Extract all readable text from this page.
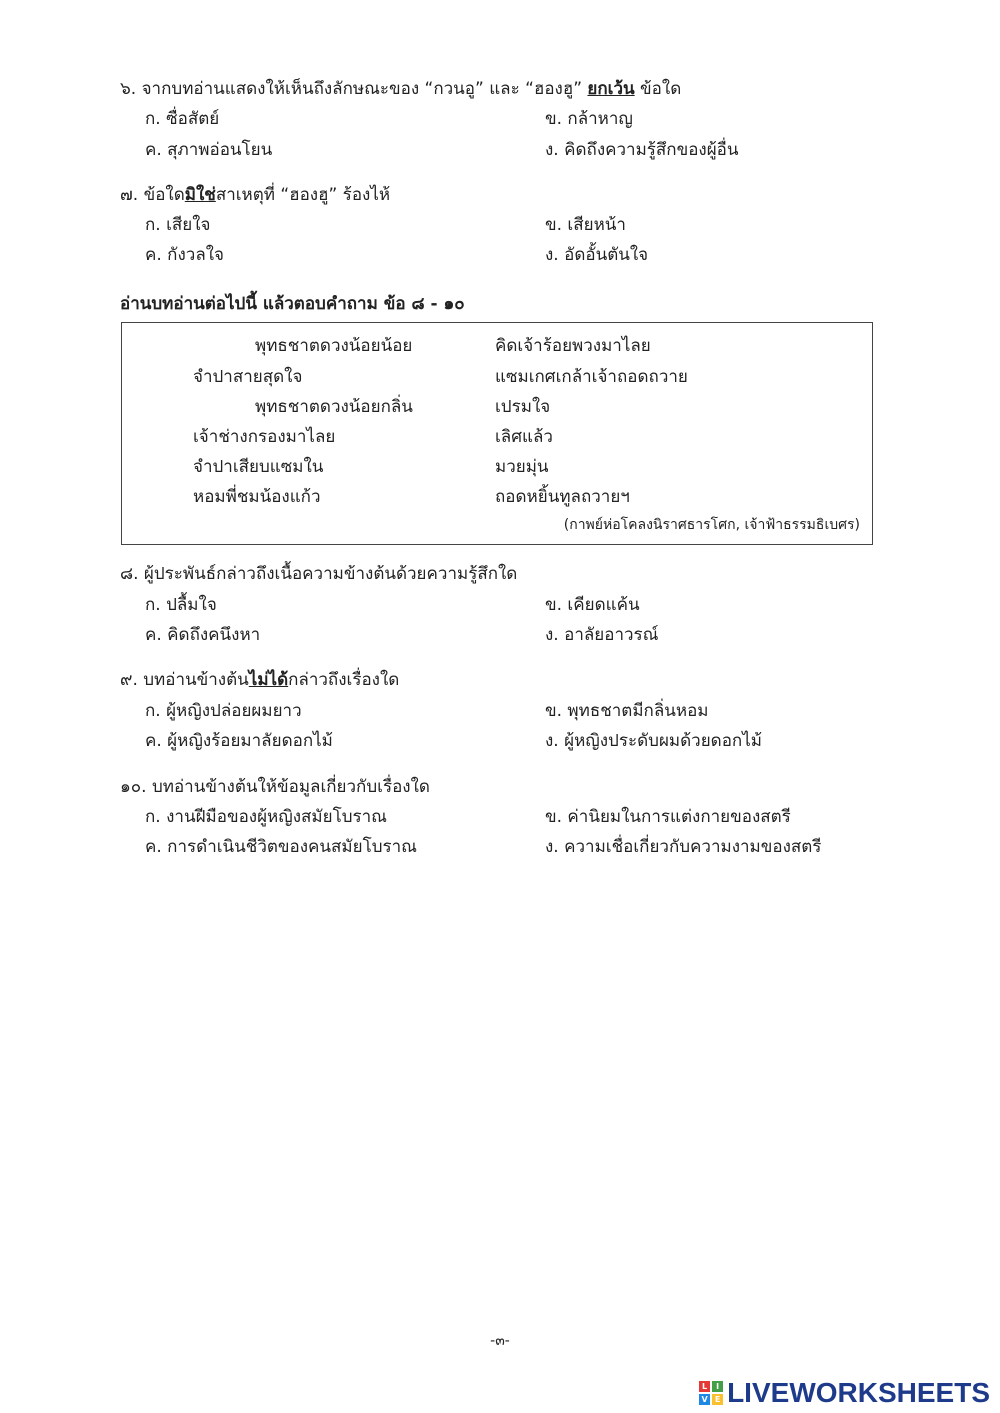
๖. จากบทอ่านแสดงให้เห็นถึงลักษณะของ “กวนอู” และ “ฮองฮู” ยกเว้น ข้อใด
ก. ซื่อสัตย์	ข. กล้าหาญ
ค. สุภาพอ่อนโยน	ง. คิดถึงความรู้สึกของผู้อื่น
๗. ข้อใดมิใช่สาเหตุที่ “ฮองฮู” ร้องไห้
ก. เสียใจ	ข. เสียหน้า
ค. กังวลใจ	ง. อัดอั้นตันใจ
อ่านบทอ่านต่อไปนี้ แล้วตอบคำถาม ข้อ ๘ - ๑๐
พุทธชาตดวงน้อยน้อย	คิดเจ้าร้อยพวงมาไลย
จำปาสายสุดใจ	แซมเกศเกล้าเจ้าถอดถวาย
พุทธชาตดวงน้อยกลิ่น	เปรมใจ
เจ้าช่างกรองมาไลย	เลิศแล้ว
จำปาเสียบแซมใน	มวยมุ่น
หอมพี่ชมน้องแก้ว	ถอดหยิ้นทูลถวายฯ
(กาพย์ห่อโคลงนิราศธารโศก, เจ้าฟ้าธรรมธิเบศร)
๘. ผู้ประพันธ์กล่าวถึงเนื้อความข้างต้นด้วยความรู้สึกใด
ก. ปลื้มใจ	ข. เคียดแค้น
ค. คิดถึงคนึงหา	ง. อาลัยอาวรณ์
๙. บทอ่านข้างต้นไม่ได้กล่าวถึงเรื่องใด
ก. ผู้หญิงปล่อยผมยาว	ข. พุทธชาตมีกลิ่นหอม
ค. ผู้หญิงร้อยมาลัยดอกไม้	ง. ผู้หญิงประดับผมด้วยดอกไม้
๑๐. บทอ่านข้างต้นให้ข้อมูลเกี่ยวกับเรื่องใด
ก. งานฝีมือของผู้หญิงสมัยโบราณ	ข. ค่านิยมในการแต่งกายของสตรี
ค. การดำเนินชีวิตของคนสมัยโบราณ	ง. ความเชื่อเกี่ยวกับความงามของสตรี
-๓-
L	I
V E LIVEWORKSHEETS
